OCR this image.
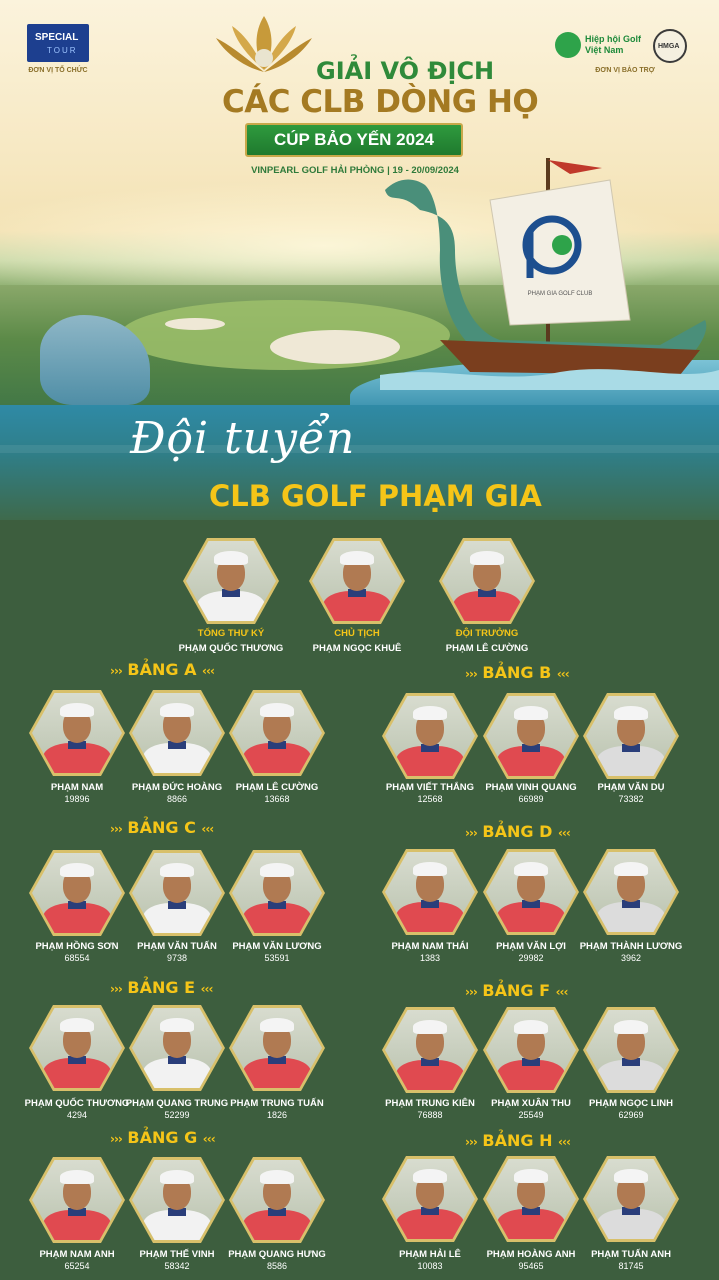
SPECIAL
TOUR
ĐƠN VỊ TỔ CHỨC
Hiệp hội Golf Việt Nam	HMGA
ĐƠN VỊ BẢO TRỢ
GIẢI VÔ ĐỊCH
CÁC CLB DÒNG HỌ
CÚP BẢO YẾN 2024
VINPEARL GOLF HẢI PHÒNG | 19 - 20/09/2024
PHẠM GIA GOLF CLUB
Đội tuyển
CLB GOLF PHẠM GIA
TỔNG THƯ KÝ
PHẠM QUỐC THƯƠNG
CHỦ TỊCH
PHẠM NGỌC KHUÊ
ĐỘI TRƯỞNG
PHẠM LÊ CƯỜNG
››› BẢNG A ‹‹‹
PHẠM NAM
19896
PHẠM ĐỨC HOÀNG
8866
PHẠM LÊ CƯỜNG
13668
››› BẢNG B ‹‹‹
PHẠM VIẾT THẮNG
12568
PHẠM VINH QUANG
66989
PHẠM VĂN DỤ
73382
››› BẢNG C ‹‹‹
PHẠM HỒNG SƠN
68554
PHẠM VĂN TUẤN
9738
PHẠM VĂN LƯƠNG
53591
››› BẢNG D ‹‹‹
PHẠM NAM THÁI
1383
PHẠM VĂN LỢI
29982
PHẠM THÀNH LƯƠNG
3962
››› BẢNG E ‹‹‹
PHẠM QUỐC THƯƠNG
4294
PHẠM QUANG TRUNG
52299
PHẠM TRUNG TUẤN
1826
››› BẢNG F ‹‹‹
PHẠM TRUNG KIÊN
76888
PHẠM XUÂN THU
25549
PHẠM NGỌC LINH
62969
››› BẢNG G ‹‹‹
PHẠM NAM ANH
65254
PHẠM THẾ VINH
58342
PHẠM QUANG HƯNG
8586
››› BẢNG H ‹‹‹
PHẠM HẢI LÊ
10083
PHẠM HOÀNG ANH
95465
PHẠM TUẤN ANH
81745
